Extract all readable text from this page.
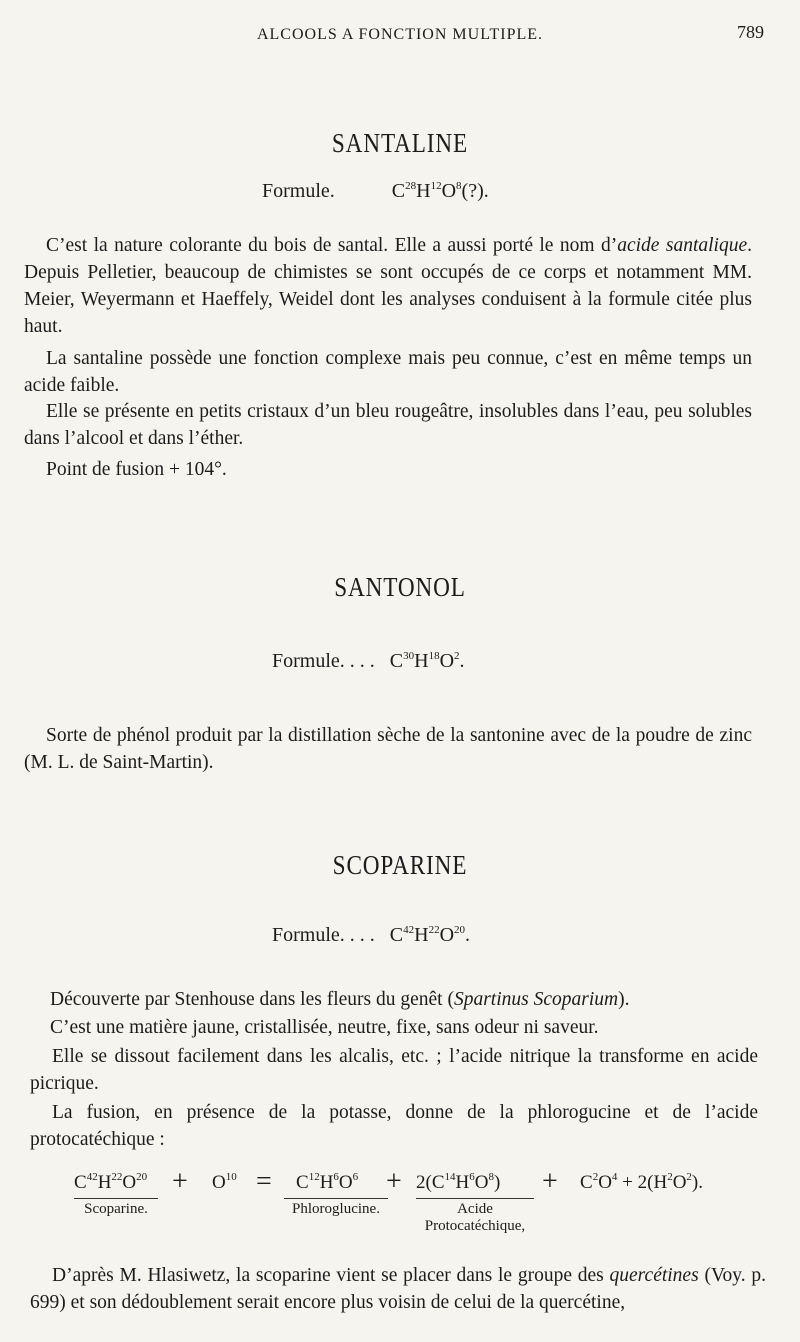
ALCOOLS A FONCTION MULTIPLE.	789
SANTALINE
Formule.	$C^{28}H^{12}O^8(?)$.

C’est la nature colorante du bois de santal. Elle a aussi porté le nom d’acide santalique. Depuis Pelletier, beaucoup de chimistes se sont occupés de ce corps et notamment MM. Meier, Weyermann et Haeffely, Weidel dont les analyses conduisent à la formule citée plus haut.

La santaline possède une fonction complexe mais peu connue, c’est en même temps un acide faible.

Elle se présente en petits cristaux d’un bleu rougeâtre, insolubles dans l’eau, peu solubles dans l’alcool et dans l’éther.

Point de fusion + 104°.
SANTONOL
Formule. . . . $C^{30}H^{18}O^2$.

Sorte de phénol produit par la distillation sèche de la santonine avec de la poudre de zinc (M. L. de Saint-Martin).

SCOPARINE
Formule. . . . $C^{42}H^{22}O^{20}$.

Découverte par Stenhouse dans les fleurs du genêt (Spartinus Scoparium).

C’est une matière jaune, cristallisée, neutre, fixe, sans odeur ni saveur.

Elle se dissout facilement dans les alcalis, etc. ; l’acide nitrique la transforme en acide picrique.

La fusion, en présence de la potasse, donne de la phlorogucine et de l’acide protocatéchique :

$C^{42}H^{22}O^{20}$
Scoparine.
+ $O^{10} = C^{12}H^6O^6$
Phloroglucine.
+ $2(C^{14}H^6O^8)$
Acide
Protocatéchique,
+ $C^2O^4 + 2(H^2O^2)$.

D’après M. Hlasiwetz, la scoparine vient se placer dans le groupe des quercétines (Voy. p. 699) et son dédoublement serait encore plus voisin de celui de la quercétine,
